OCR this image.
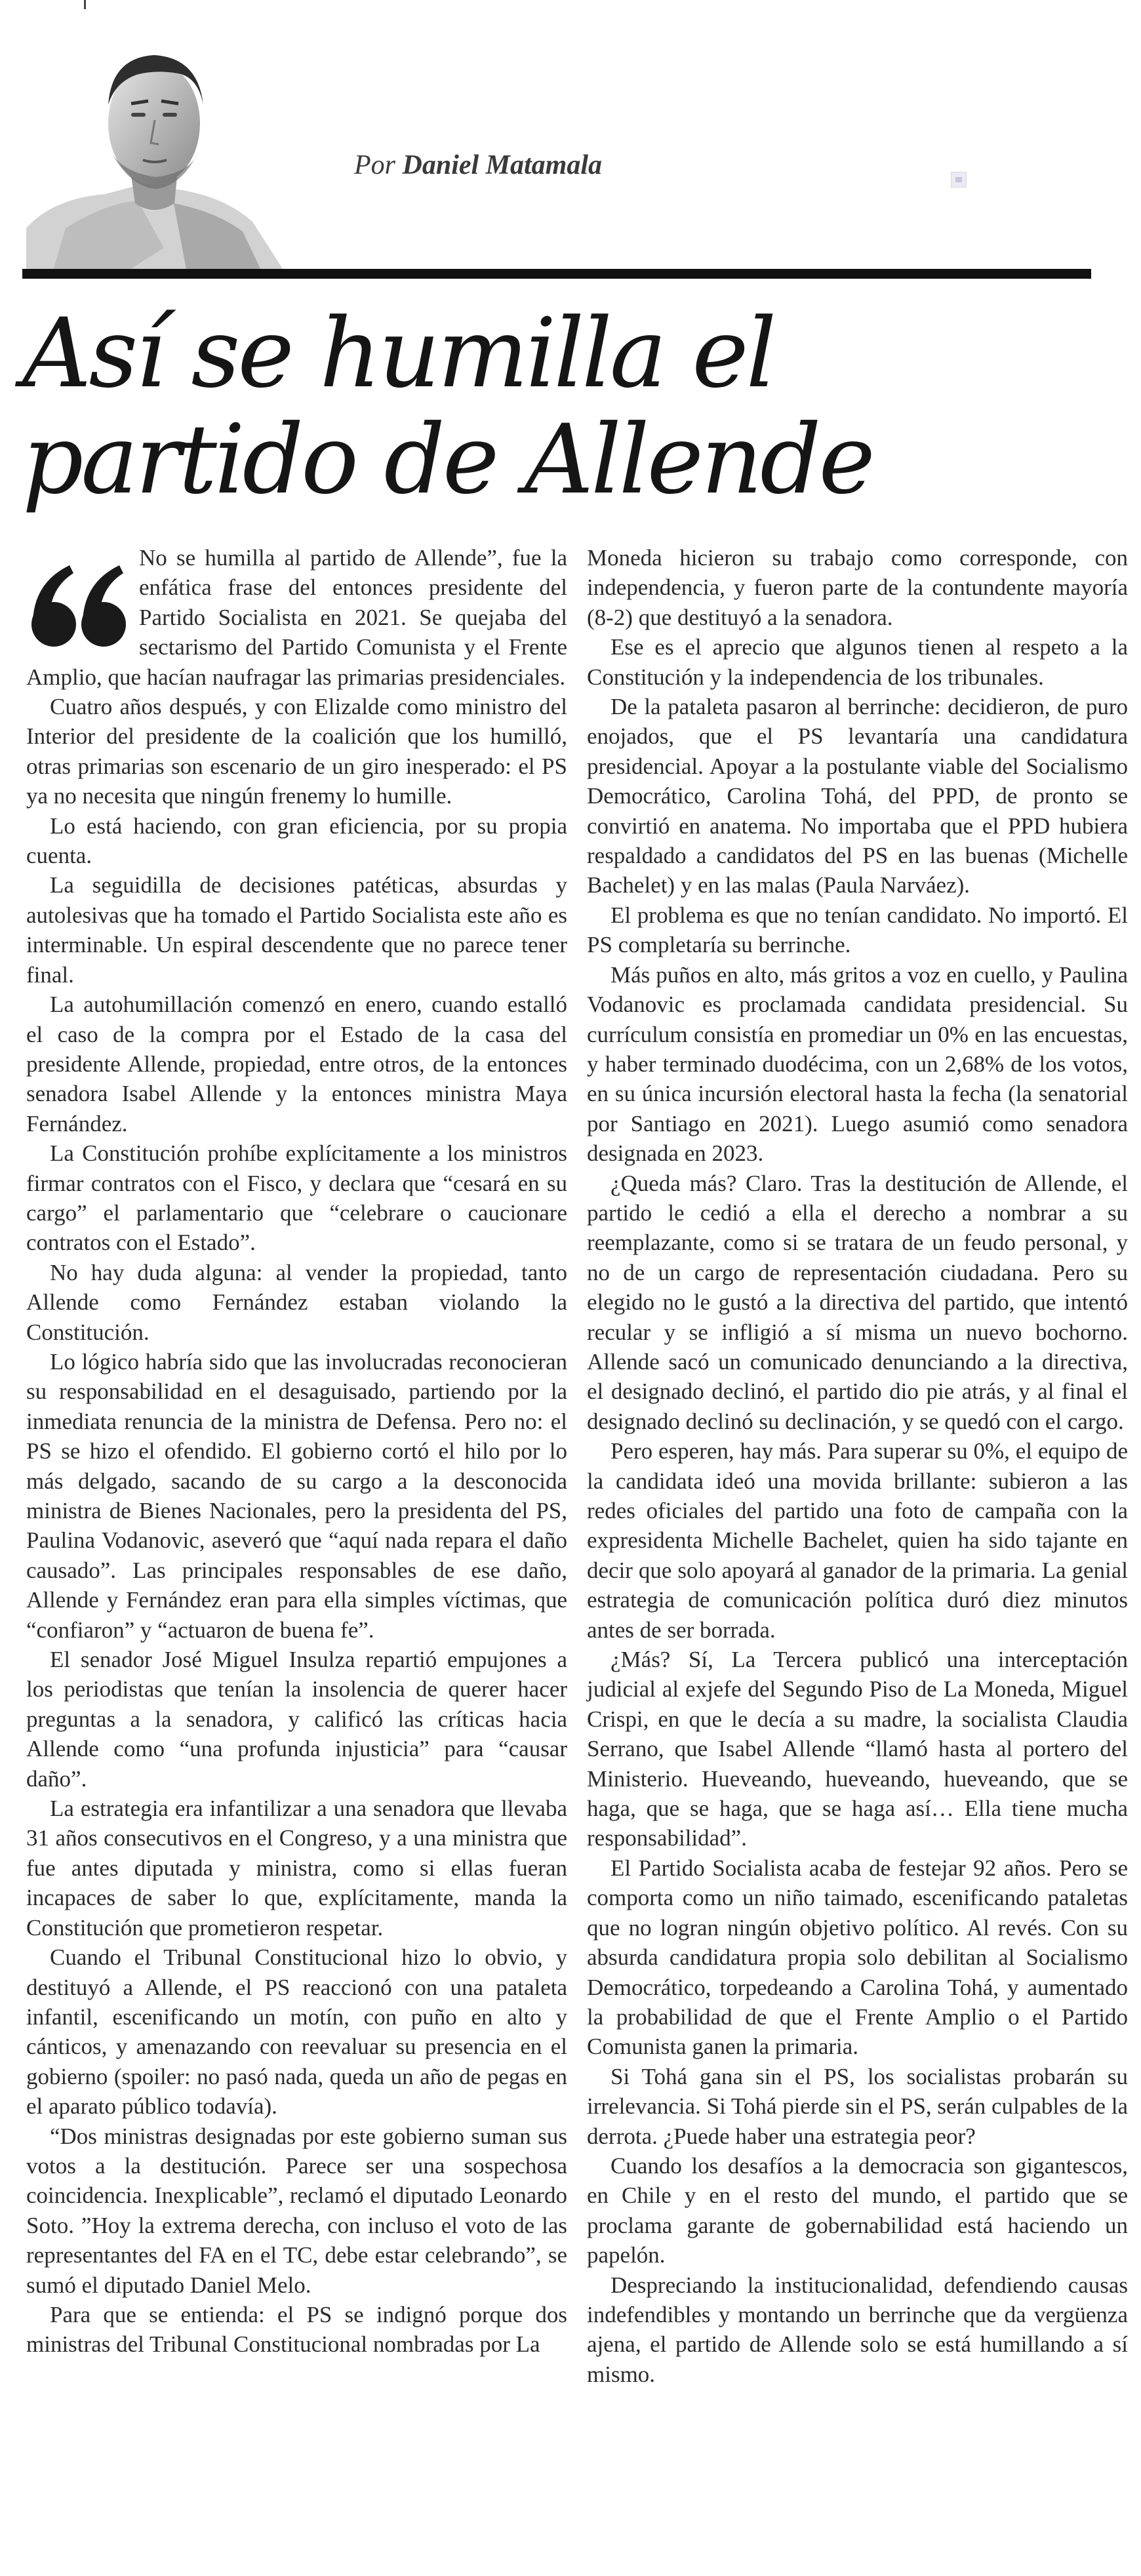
Por Daniel Matamala
Así se humilla el
partido de Allende

No se humilla al partido de Allende”, fue la enfática frase del entonces presidente del Partido Socialista en 2021. Se quejaba del sectarismo del Partido Comunista y el Frente Amplio, que hacían naufragar las primarias presidenciales.

Cuatro años después, y con Elizalde como ministro del Interior del presidente de la coalición que los humilló, otras primarias son escenario de un giro inesperado: el PS ya no necesita que ningún frenemy lo humille.

Lo está haciendo, con gran eficiencia, por su propia cuenta.

La seguidilla de decisiones patéticas, absurdas y autolesivas que ha tomado el Partido Socialista este año es interminable. Un espiral descendente que no parece tener final.

La autohumillación comenzó en enero, cuando estalló el caso de la compra por el Estado de la casa del presidente Allende, propiedad, entre otros, de la entonces senadora Isabel Allende y la entonces ministra Maya Fernández.

La Constitución prohíbe explícitamente a los ministros firmar contratos con el Fisco, y declara que “cesará en su cargo” el parlamentario que “celebrare o caucionare contratos con el Estado”.

No hay duda alguna: al vender la propiedad, tanto Allende como Fernández estaban violando la Constitución.

Lo lógico habría sido que las involucradas reconocieran su responsabilidad en el desaguisado, partiendo por la inmediata renuncia de la ministra de Defensa. Pero no: el PS se hizo el ofendido. El gobierno cortó el hilo por lo más delgado, sacando de su cargo a la desconocida ministra de Bienes Nacionales, pero la presidenta del PS, Paulina Vodanovic, aseveró que “aquí nada repara el daño causado”. Las principales responsables de ese daño, Allende y Fernández eran para ella simples víctimas, que “confiaron” y “actuaron de buena fe”.

El senador José Miguel Insulza repartió empujones a los periodistas que tenían la insolencia de querer hacer preguntas a la senadora, y calificó las críticas hacia Allende como “una profunda injusticia” para “causar daño”.

La estrategia era infantilizar a una senadora que llevaba 31 años consecutivos en el Congreso, y a una ministra que fue antes diputada y ministra, como si ellas fueran incapaces de saber lo que, explícitamente, manda la Constitución que prometieron respetar.

Cuando el Tribunal Constitucional hizo lo obvio, y destituyó a Allende, el PS reaccionó con una pataleta infantil, escenificando un motín, con puño en alto y cánticos, y amenazando con reevaluar su presencia en el gobierno (spoiler: no pasó nada, queda un año de pegas en el aparato público todavía).

“Dos ministras designadas por este gobierno suman sus votos a la destitución. Parece ser una sospechosa coincidencia. Inexplicable”, reclamó el diputado Leonardo Soto. ”Hoy la extrema derecha, con incluso el voto de las representantes del FA en el TC, debe estar celebrando”, se sumó el diputado Daniel Melo.

Para que se entienda: el PS se indignó porque dos ministras del Tribunal Constitucional nombradas por La

Moneda hicieron su trabajo como corresponde, con independencia, y fueron parte de la contundente mayoría (8-2) que destituyó a la senadora.

Ese es el aprecio que algunos tienen al respeto a la Constitución y la independencia de los tribunales.

De la pataleta pasaron al berrinche: decidieron, de puro enojados, que el PS levantaría una candidatura presidencial. Apoyar a la postulante viable del Socialismo Democrático, Carolina Tohá, del PPD, de pronto se convirtió en anatema. No importaba que el PPD hubiera respaldado a candidatos del PS en las buenas (Michelle Bachelet) y en las malas (Paula Narváez).

El problema es que no tenían candidato. No importó. El PS completaría su berrinche.

Más puños en alto, más gritos a voz en cuello, y Paulina Vodanovic es proclamada candidata presidencial. Su currículum consistía en promediar un 0% en las encuestas, y haber terminado duodécima, con un 2,68% de los votos, en su única incursión electoral hasta la fecha (la senatorial por Santiago en 2021). Luego asumió como senadora designada en 2023.

¿Queda más? Claro. Tras la destitución de Allende, el partido le cedió a ella el derecho a nombrar a su reemplazante, como si se tratara de un feudo personal, y no de un cargo de representación ciudadana. Pero su elegido no le gustó a la directiva del partido, que intentó recular y se infligió a sí misma un nuevo bochorno. Allende sacó un comunicado denunciando a la directiva, el designado declinó, el partido dio pie atrás, y al final el designado declinó su declinación, y se quedó con el cargo.

Pero esperen, hay más. Para superar su 0%, el equipo de la candidata ideó una movida brillante: subieron a las redes oficiales del partido una foto de campaña con la expresidenta Michelle Bachelet, quien ha sido tajante en decir que solo apoyará al ganador de la primaria. La genial estrategia de comunicación política duró diez minutos antes de ser borrada.

¿Más? Sí, La Tercera publicó una interceptación judicial al exjefe del Segundo Piso de La Moneda, Miguel Crispi, en que le decía a su madre, la socialista Claudia Serrano, que Isabel Allende “llamó hasta al portero del Ministerio. Hueveando, hueveando, hueveando, que se haga, que se haga, que se haga así… Ella tiene mucha responsabilidad”.

El Partido Socialista acaba de festejar 92 años. Pero se comporta como un niño taimado, escenificando pataletas que no logran ningún objetivo político. Al revés. Con su absurda candidatura propia solo debilitan al Socialismo Democrático, torpedeando a Carolina Tohá, y aumentado la probabilidad de que el Frente Amplio o el Partido Comunista ganen la primaria.

Si Tohá gana sin el PS, los socialistas probarán su irrelevancia. Si Tohá pierde sin el PS, serán culpables de la derrota. ¿Puede haber una estrategia peor?

Cuando los desafíos a la democracia son gigantescos, en Chile y en el resto del mundo, el partido que se proclama garante de gobernabilidad está haciendo un papelón.

Despreciando la institucionalidad, defendiendo causas indefendibles y montando un berrinche que da vergüenza ajena, el partido de Allende solo se está humillando a sí mismo.
